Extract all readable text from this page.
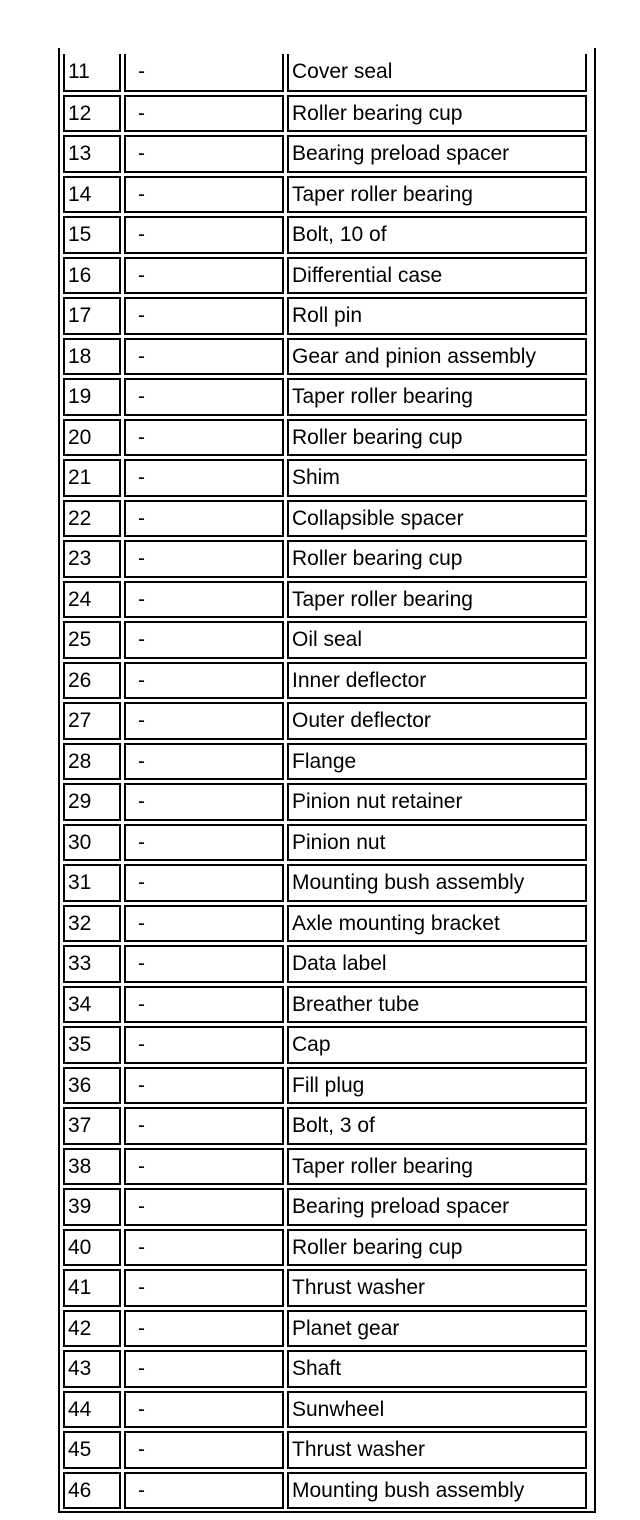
11	-	Cover seal
12	-	Roller bearing cup
13	-	Bearing preload spacer
14	-	Taper roller bearing
15	-	Bolt, 10 of
16	-	Differential case
17	-	Roll pin
18	-	Gear and pinion assembly
19	-	Taper roller bearing
20	-	Roller bearing cup
21	-	Shim
22	-	Collapsible spacer
23	-	Roller bearing cup
24	-	Taper roller bearing
25	-	Oil seal
26	-	Inner deflector
27	-	Outer deflector
28	-	Flange
29	-	Pinion nut retainer
30	-	Pinion nut
31	-	Mounting bush assembly
32	-	Axle mounting bracket
33	-	Data label
34	-	Breather tube
35	-	Cap
36	-	Fill plug
37	-	Bolt, 3 of
38	-	Taper roller bearing
39	-	Bearing preload spacer
40	-	Roller bearing cup
41	-	Thrust washer
42	-	Planet gear
43	-	Shaft
44	-	Sunwheel
45	-	Thrust washer
46	-	Mounting bush assembly
